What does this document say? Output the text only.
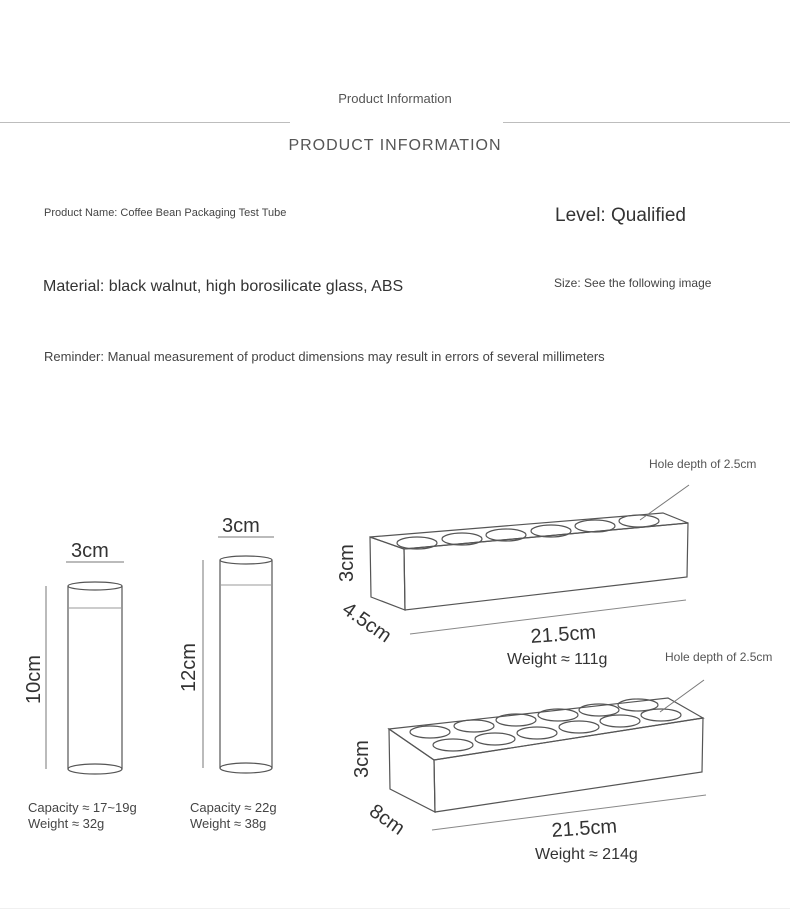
Product Information
PRODUCT INFORMATION
Product Name: Coffee Bean Packaging Test Tube	Level: Qualified
Material: black walnut, high borosilicate glass, ABS	Size: See the following image
Reminder: Manual measurement of product dimensions may result in errors of several millimeters
3cm
10cm
3cm
12cm
Hole depth of 2.5cm
3cm
4.5cm	21.5cm
Weight ≈ 111g	Hole depth of 2.5cm
3cm
8cm	21.5cm
Weight ≈ 214g
Capacity ≈ 17~19g Weight ≈ 32g
Capacity ≈ 22g Weight ≈ 38g
